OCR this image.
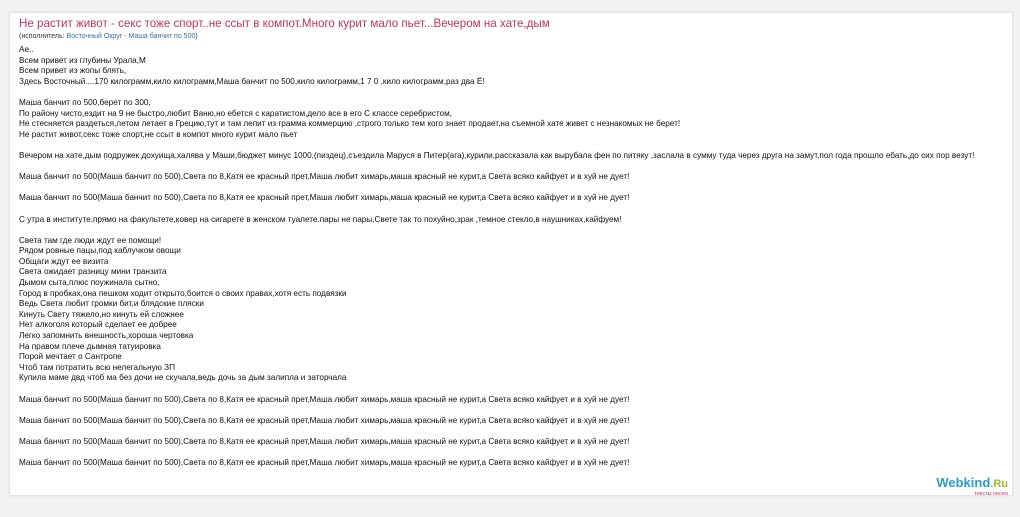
Не растит живот - секс тоже спорт..не ссыт в компот.Много курит мало пьет...Вечером на хате,дым
(исполнитель: Восточный Округ - Маша банчит по 500)
Ае..
Всем привет из глубины Урала,М
Всем привет из жопы блять,
Здесь Восточный....170 килограмм,кило килограмм,Маша банчит по 500,кило килограмм,1 7 0 ,кило килограмм,раз два Ё!
Маша банчит по 500,берет по 300,
По району чисто,ездит на 9 не быстро,любит Ваню,но ебется с каратистом,дело все в его С классе серебристом,
Не стесняется раздеться,летом летает в Грецию,тут и там лепит из грамма коммерцию ,строго только тем кого знает продает,на съемной хате живет с незнакомых не берет!
Не растит живот,секс тоже спорт,не ссыт в компот много курит мало пьет
Вечером на хате,дым подружек дохуища,халява у Маши,бюджет минус 1000,(пиздец),съездила Маруся в Питер(ага),курили,рассказала как вырубала фен по питяку ,заслала в сумму туда через друга на замут,пол года прошло ебать,до сих пор везут!
Маша банчит по 500(Маша банчит по 500),Света по 8,Катя ее красный прет,Маша любит химарь,маша красный не курит,а Света всяко кайфует и в хуй не дует!
Маша банчит по 500(Маша банчит по 500),Света по 8,Катя ее красный прет,Маша любит химарь,маша красный не курит,а Света всяко кайфует и в хуй не дует!
С утра в институте,прямо на факультете,ковер на сигарете в женском туалете.пары не пары,Свете так то похуйно,зрак ,темное стекло,в наушниках,кайфуем!
Света там где люди ждут ее помощи!
Рядом ровные пацы,под каблучком овощи
Общаги ждут ее визита
Света ожидает разницу мини транзита
Дымом сыта,плюс поужинала сытно,
Город в пробках,она пешком ходит открыто,боится о своих правах,хотя есть подвязки
Ведь Света любит громки бит,и блядские пляски
Кинуть Свету тяжело,но кинуть ей сложнее
Нет алкоголя который сделает ее добрее
Легко запомнить внешность,хороша чертовка
На правом плече дымная татуировка
Порой мечтает о Сантропе
Чтоб там потратить всю нелегальную ЗП
Купила маме двд чтоб ма без дочи не скучала,ведь дочь за дым залипла и заторчала
Маша банчит по 500(Маша банчит по 500),Света по 8,Катя ее красный прет,Маша любит химарь,маша красный не курит,а Света всяко кайфует и в хуй не дует!
Маша банчит по 500(Маша банчит по 500),Света по 8,Катя ее красный прет,Маша любит химарь,маша красный не курит,а Света всяко кайфует и в хуй не дует!
Маша банчит по 500(Маша банчит по 500),Света по 8,Катя ее красный прет,Маша любит химарь,маша красный не курит,а Света всяко кайфует и в хуй не дует!
Маша банчит по 500(Маша банчит по 500),Света по 8,Катя ее красный прет,Маша любит химарь,маша красный не курит,а Света всяко кайфует и в хуй не дует!
Webkind.Ru
тексты песен
